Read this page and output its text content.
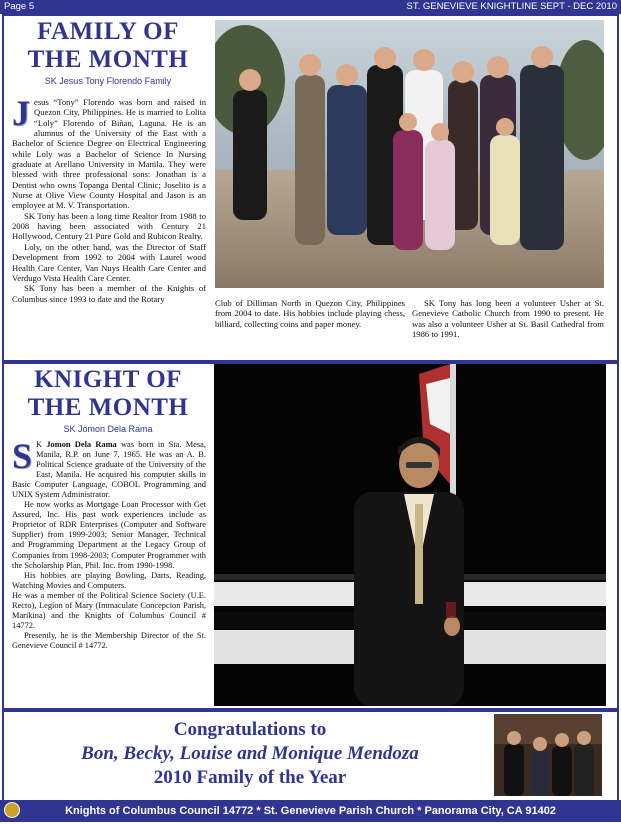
Page 5	ST. GENEVIEVE KNIGHTLINE SEPT - DEC 2010
FAMILY OF
THE MONTH
SK Jesus Tony Florendo Family

Jesus “Tony” Florendo was born and raised in Quezon City, Philippines. He is married to Lolita “Loly” Florendo of Biñan, Laguna. He is an alumnus of the University of the East with a Bachelor of Science Degree on Electrical Engineering while Loly was a Bachelor of Science In Nursing graduate at Arellano University in Manila. They were blessed with three professional sons: Jonathan is a Dentist who owns Topanga Dental Clinic; Joselito is a Nurse at Olive View County Hospital and Jason is an employee at M. V. Transportation.

SK Tony has been a long time Realtor from 1988 to 2008 having been associated with Century 21 Hollywood, Century 21 Pure Gold and Rubicon Realty.

Loly, on the other hand, was the Director of Staff Development from 1992 to 2004 with Laurel wood Health Care Center, Van Nuys Health Care Center and Verdugo Vista Health Care Center.

SK Tony has been a member of the Knights of Columbus since 1993 to date and the Rotary	Club of Dilliman North in Quezon City, Philippines from 2004 to date. His hobbies include playing chess, billiard, collecting coins and paper money.

SK Tony has long been a volunteer Usher at St. Genevieve Catholic Church from 1990 to present. He was also a volunteer Usher at St. Basil Cathedral from 1986 to 1991.

KNIGHT OF
THE MONTH
SK Jomon Dela Rama

S K Jomon Dela Rama was born in Sta. Mesa, Manila, R.P. on June 7, 1965. He was an A. B. Political Science graduate of the University of the East, Manila. He acquired his computer skills in Basic Computer Language, COBOL Programming and UNIX System Administrator.

He now works as Mortgage Loan Processor with Get Assured, Inc. His past work experiences include as Proprietor of RDR Enterprises (Computer and Software Supplier) from 1999-2003; Senior Manager, Technical and Programming Department at the Legacy Group of Companies from 1998-2003; Computer Programmer with the Scholarship Plan, Phil. Inc. from 1990-1998.

His hobbies are playing Bowling, Darts, Reading, Watching Movies and Computers.

He was a member of the Political Science Society (U.E. Recto), Legion of Mary (Immaculate Concepcion Parish, Marikina) and the Knights of Columbus Council # 14772.

Presently, he is the Membership Director of the St. Genevieve Council # 14772.

Congratulations to
Bon, Becky, Louise and Monique Mendoza
2010 Family of the Year
Knights of Columbus Council 14772 * St. Genevieve Parish Church * Panorama City, CA 91402
